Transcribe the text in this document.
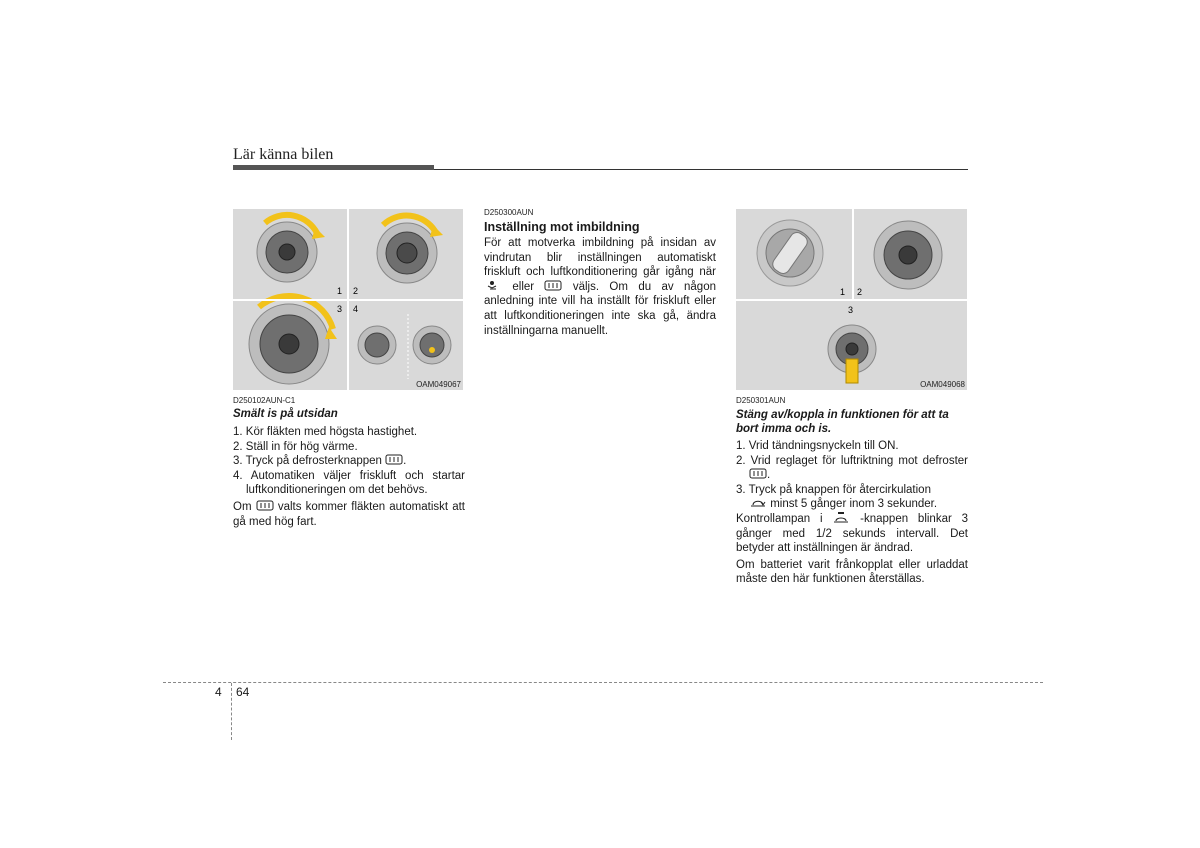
Lär känna bilen
1 2
3 4
OAM049067
D250102AUN-C1
Smält is på utsidan
1. Kör fläkten med högsta hastighet.
2. Ställ in för hög värme.
3. Tryck på defrosterknappen .
4. Automatiken väljer friskluft och startar luftkonditioneringen om det behövs.
Om valts kommer fläkten automatiskt att gå med hög fart.
D250300AUN
Inställning mot imbildning
För att motverka imbildning på insidan av vindrutan blir inställningen automatiskt friskluft och luftkonditionering går igång när  eller	väljs. Om du av någon anledning inte vill ha inställt för friskluft eller att luftkonditioneringen inte ska gå, ändra inställningarna manuellt.
1 2
3
OAM049068
D250301AUN
Stäng av/koppla in funktionen för att ta bort imma och is.
1. Vrid tändningsnyckeln till ON.
2. Vrid reglaget för luftriktning mot defroster .
3. Tryck på knappen för återcirkulation
minst 5 gånger inom 3 sekunder.
Kontrollampan i	-knappen blinkar 3 gånger med 1/2 sekunds intervall. Det betyder att inställningen är ändrad.
Om batteriet varit frånkopplat eller urladdat måste den här funktionen återställas.
4 64
